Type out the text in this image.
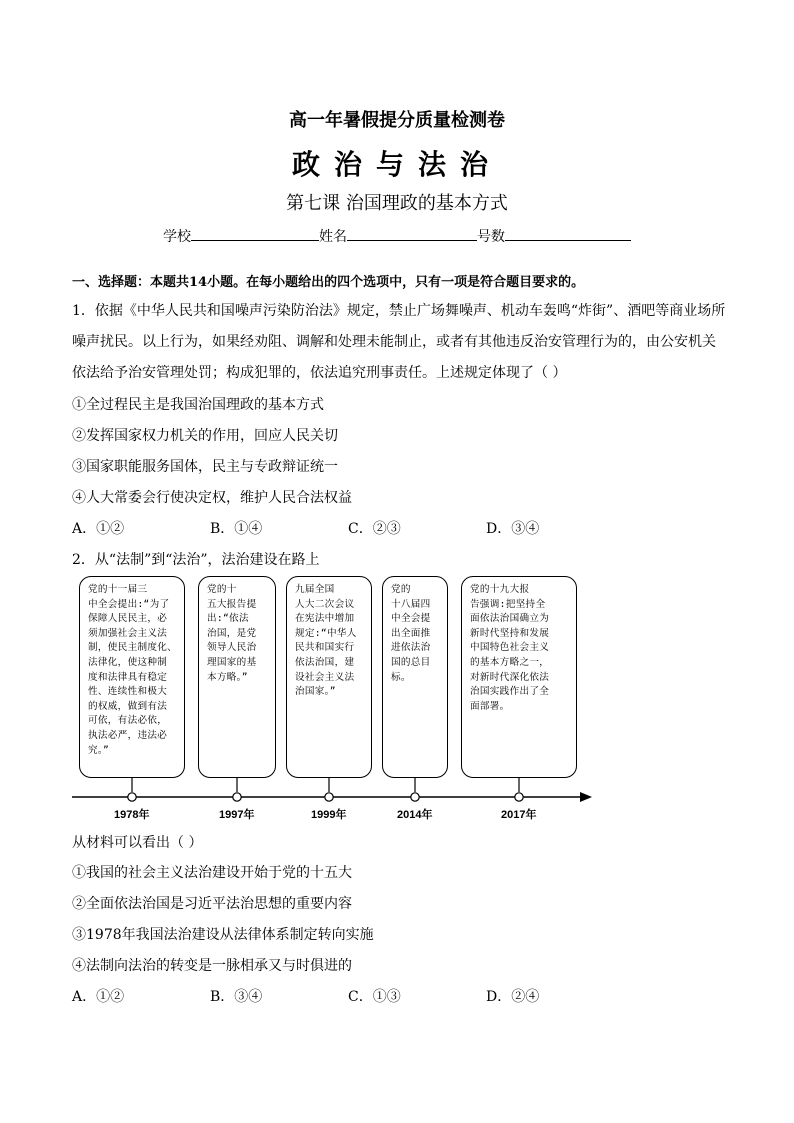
高一年暑假提分质量检测卷
政治与法治
第七课 治国理政的基本方式
学校	姓名	号数
一、选择题：本题共14小题。在每小题给出的四个选项中，只有一项是符合题目要求的。
1．依据《中华人民共和国噪声污染防治法》规定，禁止广场舞噪声、机动车轰鸣“炸街”、酒吧等商业场所
噪声扰民。以上行为，如果经劝阻、调解和处理未能制止，或者有其他违反治安管理行为的，由公安机关
依法给予治安管理处罚；构成犯罪的，依法追究刑事责任。上述规定体现了（ ）
①全过程民主是我国治国理政的基本方式
②发挥国家权力机关的作用，回应人民关切
③国家职能服务国体，民主与专政辩证统一
④人大常委会行使决定权，维护人民合法权益
A．①②	B．①④	C．②③	D．③④
2．从“法制”到“法治”，法治建设在路上
党的十一届三
中全会提出:“为了
保障人民民主，必
须加强社会主义法
制，使民主制度化、
法律化，使这种制
度和法律具有稳定
性、连续性和极大
的权威，做到有法
可依，有法必依，
执法必严，违法必
究。”
党的十
五大报告提
出:“依法
治国，是党
领导人民治
理国家的基
本方略。”
九届全国
人大二次会议
在宪法中增加
规定:“中华人
民共和国实行
依法治国，建
设社会主义法
治国家。”
党的
十八届四
中全会提
出全面推
进依法治
国的总目
标。
党的十九大报
告强调:把坚持全
面依法治国确立为
新时代坚持和发展
中国特色社会主义
的基本方略之一，
对新时代深化依法
治国实践作出了全
面部署。
1978年	1997年	1999年	2014年	2017年
从材料可以看出（ ）
①我国的社会主义法治建设开始于党的十五大
②全面依法治国是习近平法治思想的重要内容
③1978年我国法治建设从法律体系制定转向实施
④法制向法治的转变是一脉相承又与时俱进的
A．①②	B．③④	C．①③	D．②④
